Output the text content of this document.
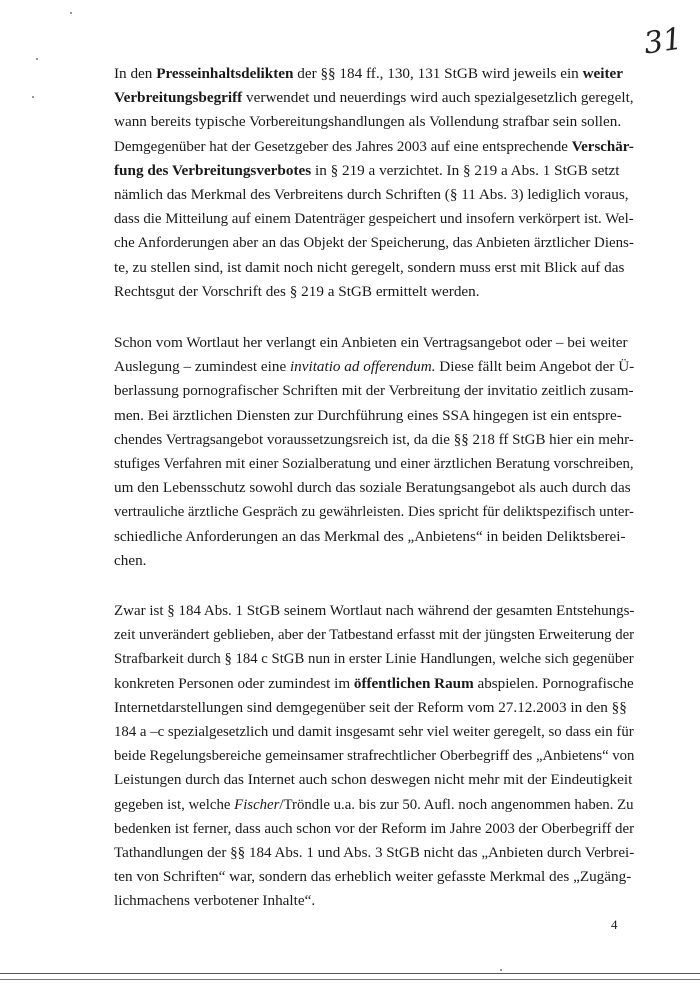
31
In den Presseinhaltsdelikten der §§ 184 ff., 130, 131 StGB wird jeweils ein weiter
Verbreitungsbegriff verwendet und neuerdings wird auch spezialgesetzlich geregelt,
wann bereits typische Vorbereitungshandlungen als Vollendung strafbar sein sollen.
Demgegenüber hat der Gesetzgeber des Jahres 2003 auf eine entsprechende Verschär-
fung des Verbreitungsverbotes in § 219 a verzichtet. In § 219 a Abs. 1 StGB setzt
nämlich das Merkmal des Verbreitens durch Schriften (§ 11 Abs. 3) lediglich voraus,
dass die Mitteilung auf einem Datenträger gespeichert und insofern verkörpert ist. Wel-
che Anforderungen aber an das Objekt der Speicherung, das Anbieten ärztlicher Diens-
te, zu stellen sind, ist damit noch nicht geregelt, sondern muss erst mit Blick auf das
Rechtsgut der Vorschrift des § 219 a StGB ermittelt werden.
Schon vom Wortlaut her verlangt ein Anbieten ein Vertragsangebot oder – bei weiter
Auslegung – zumindest eine invitatio ad offerendum. Diese fällt beim Angebot der Ü-
berlassung pornografischer Schriften mit der Verbreitung der invitatio zeitlich zusam-
men. Bei ärztlichen Diensten zur Durchführung eines SSA hingegen ist ein entspre-
chendes Vertragsangebot voraussetzungsreich ist, da die §§ 218 ff StGB hier ein mehr-
stufiges Verfahren mit einer Sozialberatung und einer ärztlichen Beratung vorschreiben,
um den Lebensschutz sowohl durch das soziale Beratungsangebot als auch durch das
vertrauliche ärztliche Gespräch zu gewährleisten. Dies spricht für deliktspezifisch unter-
schiedliche Anforderungen an das Merkmal des „Anbietens“ in beiden Deliktsberei-
chen.
Zwar ist § 184 Abs. 1 StGB seinem Wortlaut nach während der gesamten Entstehungs-
zeit unverändert geblieben, aber der Tatbestand erfasst mit der jüngsten Erweiterung der
Strafbarkeit durch § 184 c StGB nun in erster Linie Handlungen, welche sich gegenüber
konkreten Personen oder zumindest im öffentlichen Raum abspielen. Pornografische
Internetdarstellungen sind demgegenüber seit der Reform vom 27.12.2003 in den §§
184 a –c spezialgesetzlich und damit insgesamt sehr viel weiter geregelt, so dass ein für
beide Regelungsbereiche gemeinsamer strafrechtlicher Oberbegriff des „Anbietens“ von
Leistungen durch das Internet auch schon deswegen nicht mehr mit der Eindeutigkeit
gegeben ist, welche Fischer/Tröndle u.a. bis zur 50. Aufl. noch angenommen haben. Zu
bedenken ist ferner, dass auch schon vor der Reform im Jahre 2003 der Oberbegriff der
Tathandlungen der §§ 184 Abs. 1 und Abs. 3 StGB nicht das „Anbieten durch Verbrei-
ten von Schriften“ war, sondern das erheblich weiter gefasste Merkmal des „Zugäng-
lichmachens verbotener Inhalte“.
4
